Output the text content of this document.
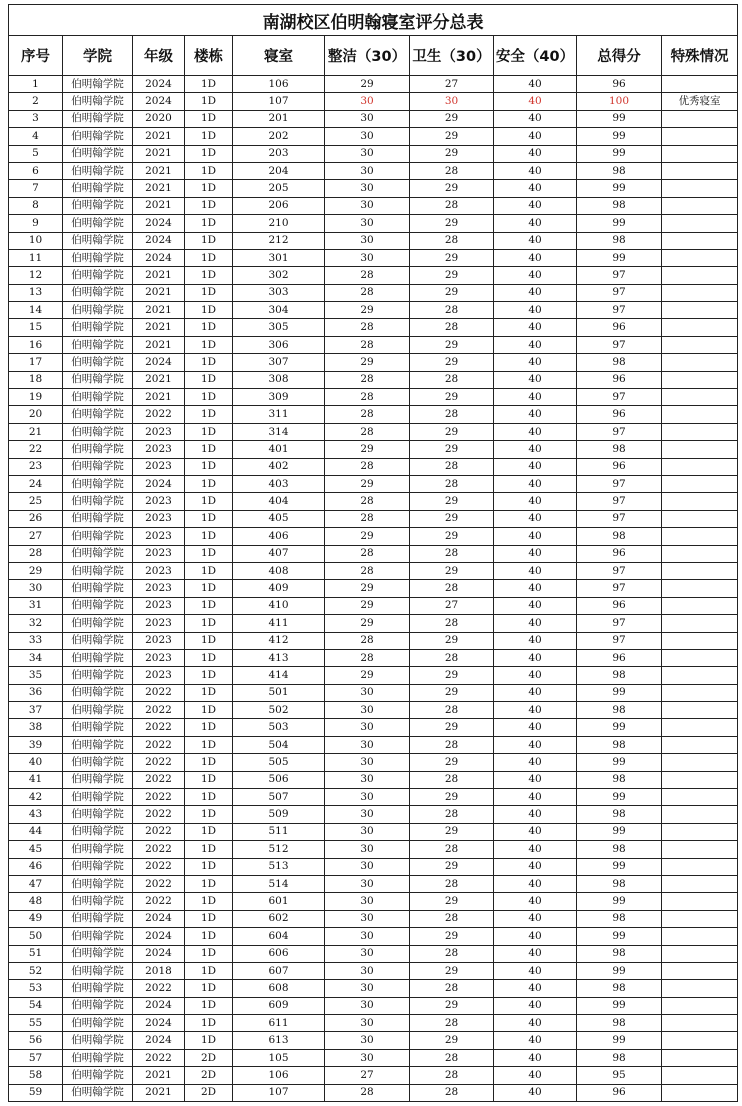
南湖校区伯明翰寝室评分总表									
序号	学院	年级	楼栋	寝室	整洁（30）	卫生（30）	安全（40）	总得分	特殊情况
1	伯明翰学院	2024	1D	106	29	27	40	96	
2	伯明翰学院	2024	1D	107	30	30	40	100	优秀寝室
3	伯明翰学院	2020	1D	201	30	29	40	99	
4	伯明翰学院	2021	1D	202	30	29	40	99	
5	伯明翰学院	2021	1D	203	30	29	40	99	
6	伯明翰学院	2021	1D	204	30	28	40	98	
7	伯明翰学院	2021	1D	205	30	29	40	99	
8	伯明翰学院	2021	1D	206	30	28	40	98	
9	伯明翰学院	2024	1D	210	30	29	40	99	
10	伯明翰学院	2024	1D	212	30	28	40	98	
11	伯明翰学院	2024	1D	301	30	29	40	99	
12	伯明翰学院	2021	1D	302	28	29	40	97	
13	伯明翰学院	2021	1D	303	28	29	40	97	
14	伯明翰学院	2021	1D	304	29	28	40	97	
15	伯明翰学院	2021	1D	305	28	28	40	96	
16	伯明翰学院	2021	1D	306	28	29	40	97	
17	伯明翰学院	2024	1D	307	29	29	40	98	
18	伯明翰学院	2021	1D	308	28	28	40	96	
19	伯明翰学院	2021	1D	309	28	29	40	97	
20	伯明翰学院	2022	1D	311	28	28	40	96	
21	伯明翰学院	2023	1D	314	28	29	40	97	
22	伯明翰学院	2023	1D	401	29	29	40	98	
23	伯明翰学院	2023	1D	402	28	28	40	96	
24	伯明翰学院	2024	1D	403	29	28	40	97	
25	伯明翰学院	2023	1D	404	28	29	40	97	
26	伯明翰学院	2023	1D	405	28	29	40	97	
27	伯明翰学院	2023	1D	406	29	29	40	98	
28	伯明翰学院	2023	1D	407	28	28	40	96	
29	伯明翰学院	2023	1D	408	28	29	40	97	
30	伯明翰学院	2023	1D	409	29	28	40	97	
31	伯明翰学院	2023	1D	410	29	27	40	96	
32	伯明翰学院	2023	1D	411	29	28	40	97	
33	伯明翰学院	2023	1D	412	28	29	40	97	
34	伯明翰学院	2023	1D	413	28	28	40	96	
35	伯明翰学院	2023	1D	414	29	29	40	98	
36	伯明翰学院	2022	1D	501	30	29	40	99	
37	伯明翰学院	2022	1D	502	30	28	40	98	
38	伯明翰学院	2022	1D	503	30	29	40	99	
39	伯明翰学院	2022	1D	504	30	28	40	98	
40	伯明翰学院	2022	1D	505	30	29	40	99	
41	伯明翰学院	2022	1D	506	30	28	40	98	
42	伯明翰学院	2022	1D	507	30	29	40	99	
43	伯明翰学院	2022	1D	509	30	28	40	98	
44	伯明翰学院	2022	1D	511	30	29	40	99	
45	伯明翰学院	2022	1D	512	30	28	40	98	
46	伯明翰学院	2022	1D	513	30	29	40	99	
47	伯明翰学院	2022	1D	514	30	28	40	98	
48	伯明翰学院	2022	1D	601	30	29	40	99	
49	伯明翰学院	2024	1D	602	30	28	40	98	
50	伯明翰学院	2024	1D	604	30	29	40	99	
51	伯明翰学院	2024	1D	606	30	28	40	98	
52	伯明翰学院	2018	1D	607	30	29	40	99	
53	伯明翰学院	2022	1D	608	30	28	40	98	
54	伯明翰学院	2024	1D	609	30	29	40	99	
55	伯明翰学院	2024	1D	611	30	28	40	98	
56	伯明翰学院	2024	1D	613	30	29	40	99	
57	伯明翰学院	2022	2D	105	30	28	40	98	
58	伯明翰学院	2021	2D	106	27	28	40	95	
59	伯明翰学院	2021	2D	107	28	28	40	96	
